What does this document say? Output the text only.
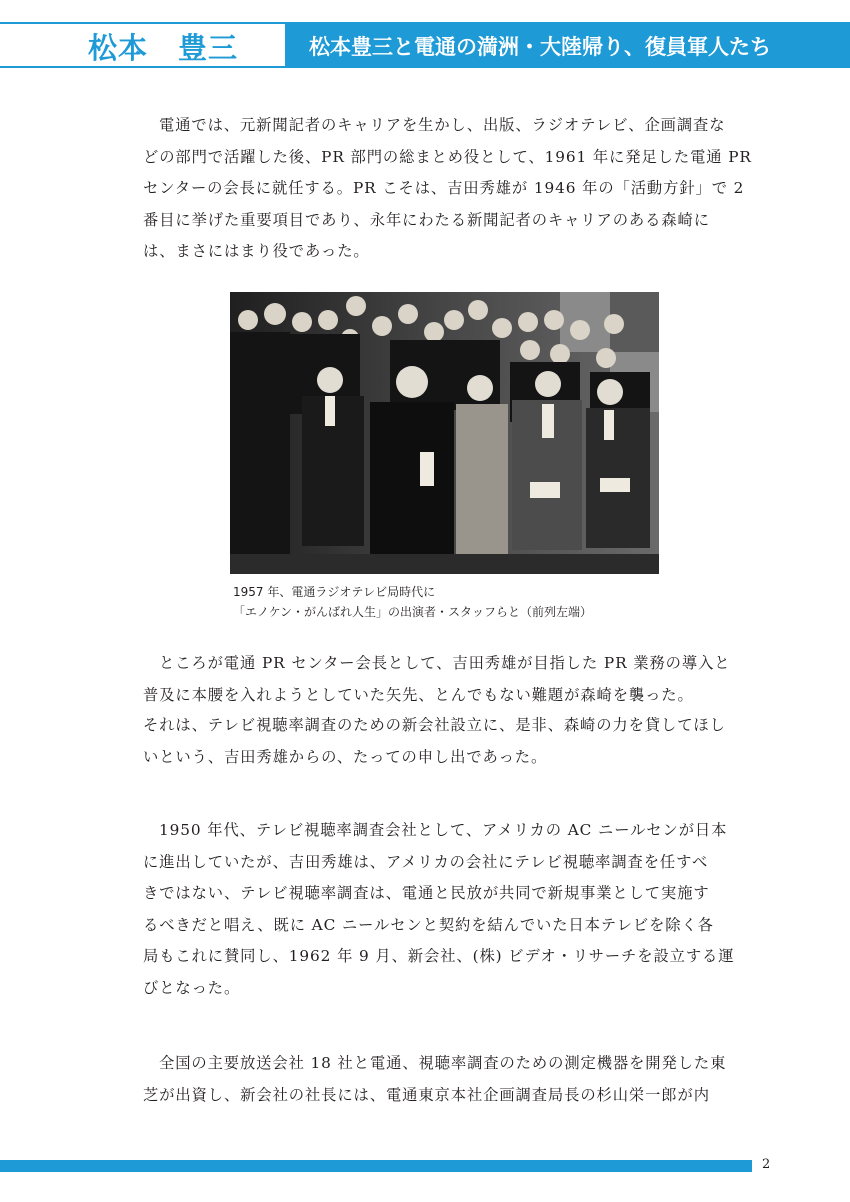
松本　豊三	松本豊三と電通の満洲・大陸帰り、復員軍人たち

電通では、元新聞記者のキャリアを生かし、出版、ラジオテレビ、企画調査な
どの部門で活躍した後、PR 部門の総まとめ役として、1961 年に発足した電通 PR
センターの会長に就任する。PR こそは、吉田秀雄が 1946 年の「活動方針」で 2
番目に挙げた重要項目であり、永年にわたる新聞記者のキャリアのある森崎に
は、まさにはまり役であった。

1957 年、電通ラジオテレビ局時代に
「エノケン・がんばれ人生」の出演者・スタッフらと（前列左端）

ところが電通 PR センター会長として、吉田秀雄が目指した PR 業務の導入と
普及に本腰を入れようとしていた矢先、とんでもない難題が森崎を襲った。

それは、テレビ視聴率調査のための新会社設立に、是非、森崎の力を貸してほし
いという、吉田秀雄からの、たっての申し出であった。

1950 年代、テレビ視聴率調査会社として、アメリカの AC ニールセンが日本
に進出していたが、吉田秀雄は、アメリカの会社にテレビ視聴率調査を任すべ
きではない、テレビ視聴率調査は、電通と民放が共同で新規事業として実施す
るべきだと唱え、既に AC ニールセンと契約を結んでいた日本テレビを除く各
局もこれに賛同し、1962 年 9 月、新会社、(株) ビデオ・リサーチを設立する運
びとなった。

全国の主要放送会社 18 社と電通、視聴率調査のための測定機器を開発した東
芝が出資し、新会社の社長には、電通東京本社企画調査局長の杉山栄一郎が内

2
